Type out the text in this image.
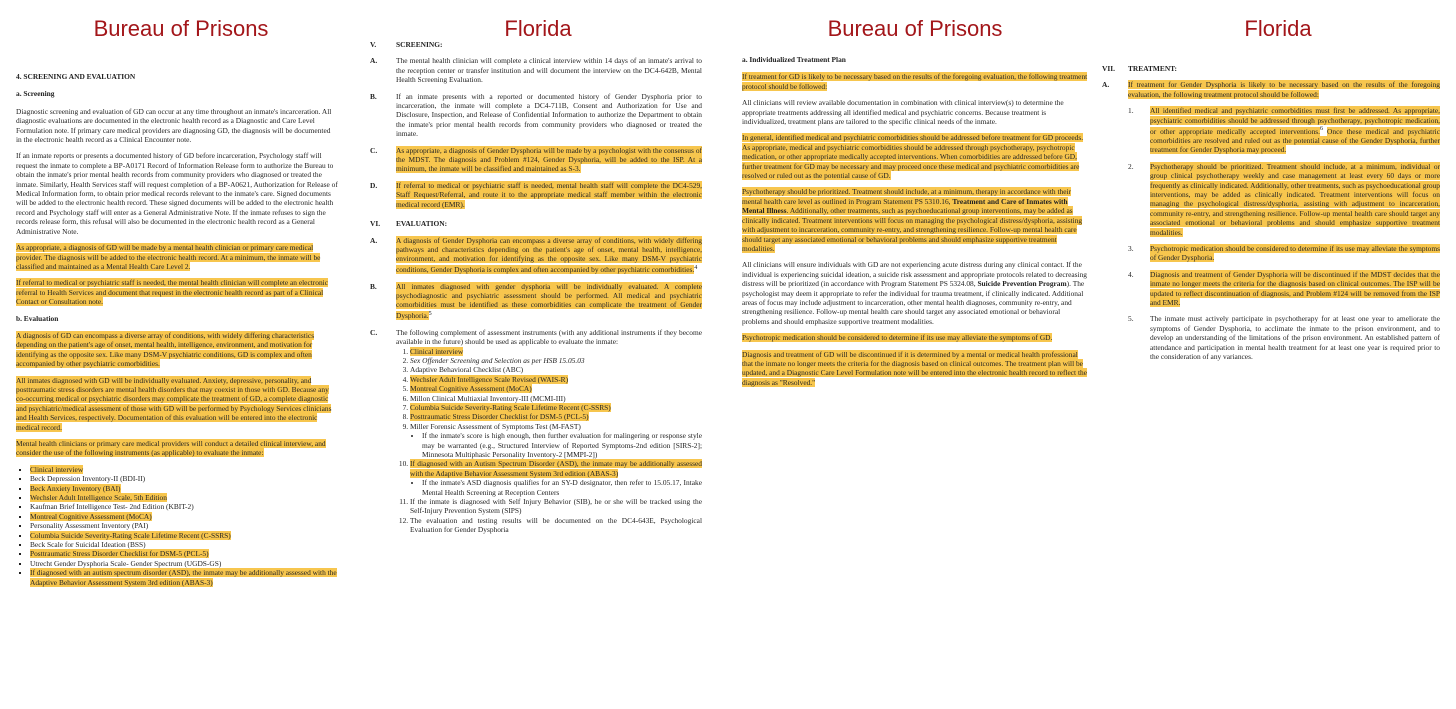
Bureau of Prisons

4. SCREENING AND EVALUATION

a. Screening

Diagnostic screening and evaluation of GD can occur at any time throughout an inmate's incarceration. All diagnostic evaluations are documented in the electronic health record as a Diagnostic and Care Level Formulation note. If primary care medical providers are diagnosing GD, the diagnosis will be documented in the electronic health record as a Clinical Encounter note.

If an inmate reports or presents a documented history of GD before incarceration, Psychology staff will request the inmate to complete a BP-A0171 Record of Information Release form to authorize the Bureau to obtain the inmate's prior mental health records from community providers who diagnosed or treated the inmate. Similarly, Health Services staff will request completion of a BP-A0621, Authorization for Release of Medical Information form, to obtain prior medical records relevant to the inmate's care. Signed documents will be added to the electronic health record. These signed documents will be added to the electronic health record and Psychology staff will enter as a General Administrative Note. If the inmate refuses to sign the records release form, this refusal will also be documented in the electronic health record as a General Administrative Note.

As appropriate, a diagnosis of GD will be made by a mental health clinician or primary care medical provider. The diagnosis will be added to the electronic health record. At a minimum, the inmate will be classified and maintained as a Mental Health Care Level 2.

If referral to medical or psychiatric staff is needed, the mental health clinician will complete an electronic referral to Health Services and document that request in the electronic health record as part of a Clinical Contact or Consultation note.

b. Evaluation

A diagnosis of GD can encompass a diverse array of conditions, with widely differing characteristics depending on the patient's age of onset, mental health, intelligence, environment, and motivation for identifying as the opposite sex. Like many DSM-V psychiatric conditions, GD is complex and often accompanied by other psychiatric comorbidities.

All inmates diagnosed with GD will be individually evaluated. Anxiety, depressive, personality, and posttraumatic stress disorders are mental health disorders that may coexist in those with GD. Because any co-occurring medical or psychiatric disorders may complicate the treatment of GD, a complete diagnostic and psychiatric/medical assessment of those with GD will be performed by Psychology Services clinicians and Health Services, respectively. Documentation of this evaluation will be entered into the electronic medical record.

Mental health clinicians or primary care medical providers will conduct a detailed clinical interview, and consider the use of the following instruments (as applicable) to evaluate the inmate:

▪ Clinical interview
▪ Beck Depression Inventory-II (BDI-II)
▪ Beck Anxiety Inventory (BAI)
▪ Wechsler Adult Intelligence Scale, 5th Edition
▪ Kaufman Brief Intelligence Test- 2nd Edition (KBIT-2)
▪ Montreal Cognitive Assessment (MoCA)
▪ Personality Assessment Inventory (PAI)
▪ Columbia Suicide Severity-Rating Scale Lifetime Recent (C-SSRS)
▪ Beck Scale for Suicidal Ideation (BSS)
▪ Posttraumatic Stress Disorder Checklist for DSM-5 (PCL-5)
▪ Utrecht Gender Dysphoria Scale- Gender Spectrum (UGDS-GS)
▪ If diagnosed with an autism spectrum disorder (ASD), the inmate may be additionally assessed with the Adaptive Behavior Assessment System 3rd edition (ABAS-3)
Florida
V.	SCREENING:
A.	The mental health clinician will complete a clinical interview within 14 days of an inmate's arrival to the reception center or transfer institution and will document the interview on the DC4-642B, Mental Health Screening Evaluation.
B.	If an inmate presents with a reported or documented history of Gender Dysphoria prior to incarceration, the inmate will complete a DC4-711B, Consent and Authorization for Use and Disclosure, Inspection, and Release of Confidential Information to authorize the Department to obtain the inmate's prior mental health records from community providers who diagnosed or treated the inmate.
C.	As appropriate, a diagnosis of Gender Dysphoria will be made by a psychologist with the consensus of the MDST. The diagnosis and Problem #124, Gender Dysphoria, will be added to the ISP. At a minimum, the inmate will be classified and maintained as S-3.
D.	If referral to medical or psychiatric staff is needed, mental health staff will complete the DC4-529, Staff Request/Referral, and route it to the appropriate medical staff member within the electronic medical record (EMR).
VI.	EVALUATION:
A.	A diagnosis of Gender Dysphoria can encompass a diverse array of conditions, with widely differing pathways and characteristics depending on the patient's age of onset, mental health, intelligence, environment, and motivation for identifying as the opposite sex. Like many DSM-V psychiatric conditions, Gender Dysphoria is complex and often accompanied by other psychiatric comorbidities.$^4$
B.	All inmates diagnosed with gender dysphoria will be individually evaluated. A complete psychodiagnostic and psychiatric assessment should be performed. All medical and psychiatric comorbidities must be identified as these comorbidities can complicate the treatment of Gender Dysphoria.$^5$
C.	The following complement of assessment instruments (with any additional instruments if they become available in the future) should be used as applicable to evaluate the inmate:
1. Clinical interview
2. Sex Offender Screening and Selection as per HSB 15.05.03
3. Adaptive Behavioral Checklist (ABC)
4. Wechsler Adult Intelligence Scale Revised (WAIS-R)
5. Montreal Cognitive Assessment (MoCA)
6. Millon Clinical Multiaxial Inventory-III (MCMI-III)
7. Columbia Suicide Severity-Rating Scale Lifetime Recent (C-SSRS)
8. Posttraumatic Stress Disorder Checklist for DSM-5 (PCL-5)
9. Miller Forensic Assessment of Symptoms Test (M-FAST)
• If the inmate's score is high enough, then further evaluation for malingering or response style may be warranted (e.g., Structured Interview of Reported Symptoms-2nd edition [SIRS-2]; Minnesota Multiphasic Personality Inventory-2 [MMPI-2])
10. If diagnosed with an Autism Spectrum Disorder (ASD), the inmate may be additionally assessed with the Adaptive Behavior Assessment System 3rd edition (ABAS-3)
• If the inmate's ASD diagnosis qualifies for an SY-D designator, then refer to 15.05.17, Intake Mental Health Screening at Reception Centers
11. If the inmate is diagnosed with Self Injury Behavior (SIB), he or she will be tracked using the Self-Injury Prevention System (SIPS)
12. The evaluation and testing results will be documented on the DC4-643E, Psychological Evaluation for Gender Dysphoria
Bureau of Prisons

a. Individualized Treatment Plan

If treatment for GD is likely to be necessary based on the results of the foregoing evaluation, the following treatment protocol should be followed:

All clinicians will review available documentation in combination with clinical interview(s) to determine the appropriate treatments addressing all identified medical and psychiatric concerns. Because treatment is individualized, treatment plans are tailored to the specific clinical needs of the inmate.

In general, identified medical and psychiatric comorbidities should be addressed before treatment for GD proceeds. As appropriate, medical and psychiatric comorbidities should be addressed through psychotherapy, psychotropic medication, or other appropriate medically accepted interventions. When comorbidities are addressed before GD, further treatment for GD may be necessary and may proceed once these medical and psychiatric comorbidities are resolved or ruled out as the potential cause of GD.

Psychotherapy should be prioritized. Treatment should include, at a minimum, therapy in accordance with their mental health care level as outlined in Program Statement PS 5310.16, Treatment and Care of Inmates with Mental Illness. Additionally, other treatments, such as psychoeducational group interventions, may be added as clinically indicated. Treatment interventions will focus on managing the psychological distress/dysphoria, assisting with adjustment to incarceration, community re-entry, and strengthening resilience. Follow-up mental health care should target any associated emotional or behavioral problems and should emphasize supportive treatment modalities.

All clinicians will ensure individuals with GD are not experiencing acute distress during any clinical contact. If the individual is experiencing suicidal ideation, a suicide risk assessment and appropriate protocols related to decreasing distress will be prioritized (in accordance with Program Statement PS 5324.08, Suicide Prevention Program). The psychologist may deem it appropriate to refer the individual for trauma treatment, if clinically indicated. Additional areas of focus may include adjustment to incarceration, other mental health diagnoses, community re-entry, and strengthening resilience. Follow-up mental health care should target any associated emotional or behavioral problems and should emphasize supportive treatment modalities.

Psychotropic medication should be considered to determine if its use may alleviate the symptoms of GD.

Diagnosis and treatment of GD will be discontinued if it is determined by a mental or medical health professional that the inmate no longer meets the criteria for the diagnosis based on clinical outcomes. The treatment plan will be updated, and a Diagnostic Care Level Formulation note will be entered into the electronic health record to reflect the diagnosis as "Resolved."

Florida
VII.	TREATMENT:
A.	If treatment for Gender Dysphoria is likely to be necessary based on the results of the foregoing evaluation, the following treatment protocol should be followed:
1.	All identified medical and psychiatric comorbidities must first be addressed. As appropriate, psychiatric comorbidities should be addressed through psychotherapy, psychotropic medication, or other appropriate medically accepted interventions.$^6$ Once these medical and psychiatric comorbidities are resolved and ruled out as the potential cause of the Gender Dysphoria, further treatment for Gender Dysphoria may proceed.
2.	Psychotherapy should be prioritized. Treatment should include, at a minimum, individual or group clinical psychotherapy weekly and case management at least every 60 days or more frequently as clinically indicated. Additionally, other treatments, such as psychoeducational group interventions, may be added as clinically indicated. Treatment interventions will focus on managing the psychological distress/dysphoria, assisting with adjustment to incarceration, community re-entry, and strengthening resilience. Follow-up mental health care should target any associated emotional or behavioral problems and should emphasize supportive treatment modalities.
3.	Psychotropic medication should be considered to determine if its use may alleviate the symptoms of Gender Dysphoria.
4.	Diagnosis and treatment of Gender Dysphoria will be discontinued if the MDST decides that the inmate no longer meets the criteria for the diagnosis based on clinical outcomes. The ISP will be updated to reflect discontinuation of diagnosis, and Problem #124 will be removed from the ISP and EMR.
5.	The inmate must actively participate in psychotherapy for at least one year to ameliorate the symptoms of Gender Dysphoria, to acclimate the inmate to the prison environment, and to develop an understanding of the limitations of the prison environment. An established pattern of attendance and participation in mental health treatment for at least one year is required prior to the consideration of any variances.
